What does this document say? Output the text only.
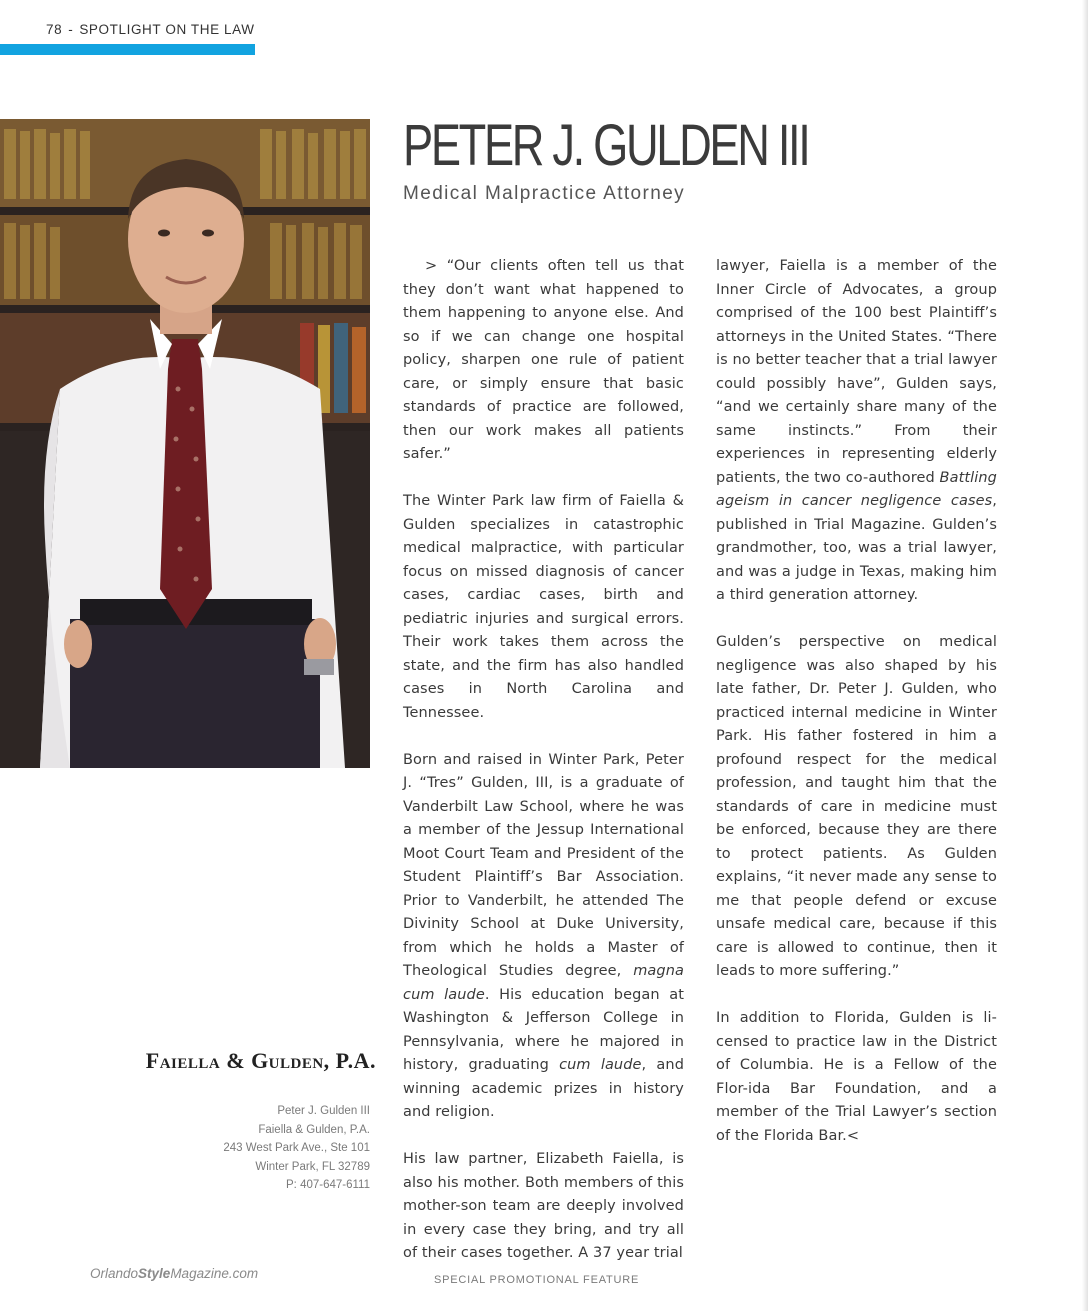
78 - SPOTLIGHT ON THE LAW
PETER J. GULDEN III
Medical Malpractice Attorney

> “Our clients often tell us that they don’t want what happened to them happening to anyone else. And so if we can change one hospital policy, sharpen one rule of patient care, or simply ensure that basic standards of practice are followed, then our work makes all patients safer.”

The Winter Park law firm of Faiella & Gulden specializes in catastrophic medical malpractice, with particular focus on missed diagnosis of cancer cases, cardiac cases, birth and pediatric injuries and surgical errors. Their work takes them across the state, and the firm has also handled cases in North Carolina and Tennessee.

Born and raised in Winter Park, Peter J. “Tres” Gulden, III, is a graduate of Vanderbilt Law School, where he was a member of the Jessup International Moot Court Team and President of the Student Plaintiff’s Bar Association. Prior to Vanderbilt, he attended The Divinity School at Duke University, from which he holds a Master of Theological Studies degree, magna cum laude. His education began at Washington & Jefferson College in Pennsylvania, where he majored in history, graduating cum laude, and winning academic prizes in history and religion.

His law partner, Elizabeth Faiella, is also his mother. Both members of this mother-son team are deeply involved in every case they bring, and try all of their cases together. A 37 year trial

lawyer, Faiella is a member of the Inner Circle of Advocates, a group comprised of the 100 best Plaintiff’s attorneys in the United States. “There is no better teacher that a trial lawyer could possibly have”, Gulden says, “and we certainly share many of the same instincts.” From their experiences in representing elderly patients, the two co-authored Battling ageism in cancer negligence cases, published in Trial Magazine. Gulden’s grandmother, too, was a trial lawyer, and was a judge in Texas, making him a third generation attorney.

Gulden’s perspective on medical negligence was also shaped by his late father, Dr. Peter J. Gulden, who practiced internal medicine in Winter Park. His father fostered in him a profound respect for the medical profession, and taught him that the standards of care in medicine must be enforced, because they are there to protect patients. As Gulden explains, “it never made any sense to me that people defend or excuse unsafe medical care, because if this care is allowed to continue, then it leads to more suffering.”

In addition to Florida, Gulden is li-censed to practice law in the District of Columbia. He is a Fellow of the Flor-ida Bar Foundation, and a member of the Trial Lawyer’s section of the Florida Bar.<

Faiella & Gulden, P.A.
Peter J. Gulden III
Faiella & Gulden, P.A.
243 West Park Ave., Ste 101
Winter Park, FL 32789
P: 407-647-6111
OrlandoStyleMagazine.com	SPECIAL PROMOTIONAL FEATURE
